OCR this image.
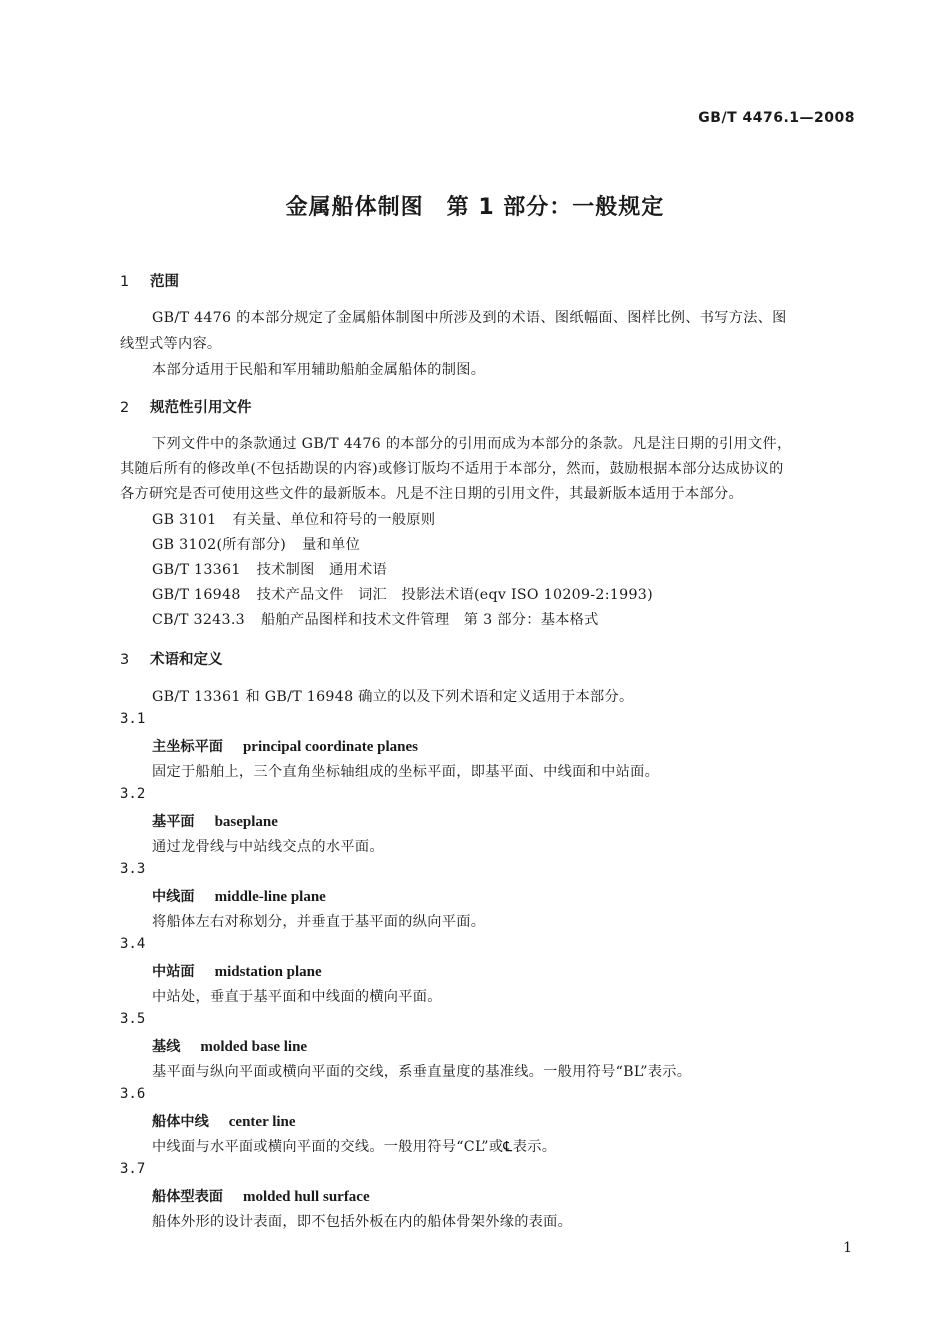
GB/T 4476.1—2008
金属船体制图　第 1 部分：一般规定
1 范围
GB/T 4476 的本部分规定了金属船体制图中所涉及到的术语、图纸幅面、图样比例、书写方法、图
线型式等内容。
本部分适用于民船和军用辅助船舶金属船体的制图。
2 规范性引用文件
下列文件中的条款通过 GB/T 4476 的本部分的引用而成为本部分的条款。凡是注日期的引用文件，
其随后所有的修改单(不包括勘误的内容)或修订版均不适用于本部分，然而，鼓励根据本部分达成协议的
各方研究是否可使用这些文件的最新版本。凡是不注日期的引用文件，其最新版本适用于本部分。
GB 3101 有关量、单位和符号的一般原则
GB 3102(所有部分) 量和单位
GB/T 13361 技术制图　通用术语
GB/T 16948 技术产品文件　词汇　投影法术语(eqv ISO 10209-2:1993)
CB/T 3243.3 船舶产品图样和技术文件管理　第 3 部分：基本格式
3 术语和定义
GB/T 13361 和 GB/T 16948 确立的以及下列术语和定义适用于本部分。
3.1
主坐标平面 principal coordinate planes
固定于船舶上，三个直角坐标轴组成的坐标平面，即基平面、中线面和中站面。
3.2
基平面 baseplane
通过龙骨线与中站线交点的水平面。
3.3
中线面 middle-line plane
将船体左右对称划分，并垂直于基平面的纵向平面。
3.4
中站面 midstation plane
中站处，垂直于基平面和中线面的横向平面。
3.5
基线 molded base line
基平面与纵向平面或横向平面的交线，系垂直量度的基准线。一般用符号“BL”表示。
3.6
船体中线 center line
中线面与水平面或横向平面的交线。一般用符号“CL”或℄表示。
3.7
船体型表面 molded hull surface
船体外形的设计表面，即不包括外板在内的船体骨架外缘的表面。
1
